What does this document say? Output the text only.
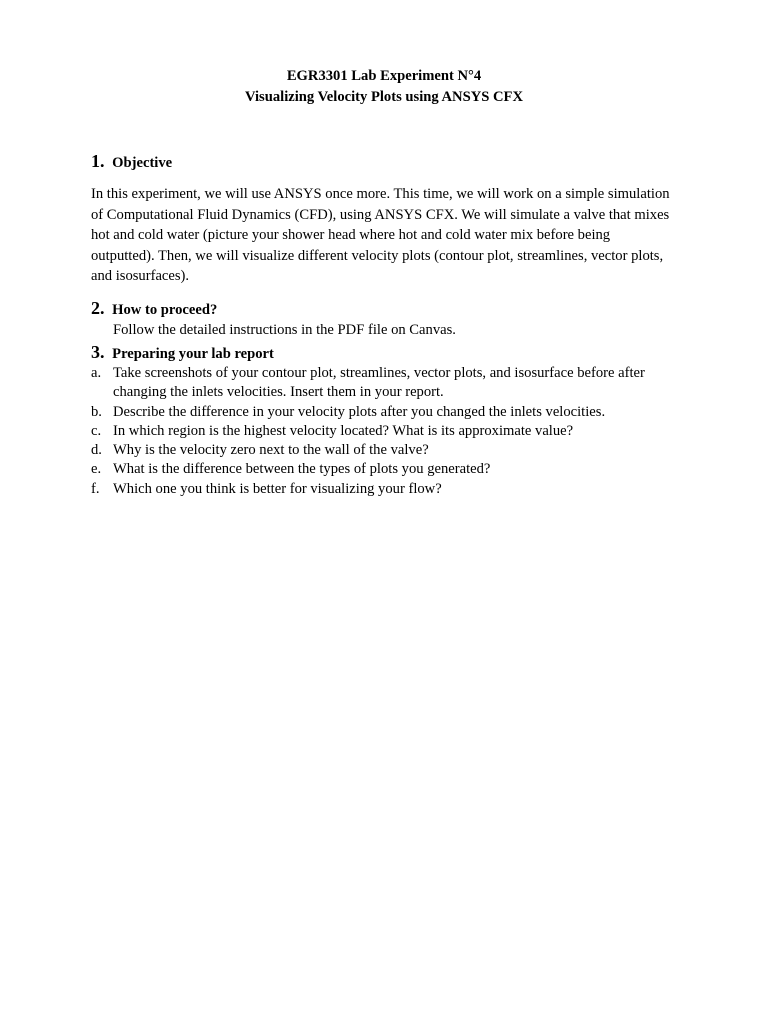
EGR3301 Lab Experiment N°4
Visualizing Velocity Plots using ANSYS CFX
1. Objective

In this experiment, we will use ANSYS once more. This time, we will work on a simple simulation of Computational Fluid Dynamics (CFD), using ANSYS CFX. We will simulate a valve that mixes hot and cold water (picture your shower head where hot and cold water mix before being outputted). Then, we will visualize different velocity plots (contour plot, streamlines, vector plots, and isosurfaces).

2. How to proceed?
Follow the detailed instructions in the PDF file on Canvas.
3. Preparing your lab report
a. Take screenshots of your contour plot, streamlines, vector plots, and isosurface before after changing the inlets velocities. Insert them in your report.
b. Describe the difference in your velocity plots after you changed the inlets velocities.
c. In which region is the highest velocity located? What is its approximate value?
d. Why is the velocity zero next to the wall of the valve?
e. What is the difference between the types of plots you generated?
f. Which one you think is better for visualizing your flow?
